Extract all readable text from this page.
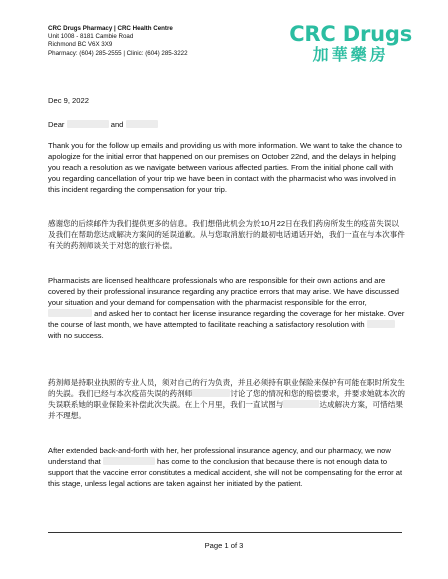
CRC Drugs Pharmacy | CRC Health Centre
Unit 1008 - 8181 Cambie Road
Richmond BC V6X 3X9
Pharmacy: (604) 285-2555 | Clinic: (604) 285-3222
CRC Drugs
加華藥房
Dec 9, 2022
Dear	and
Thank you for the follow up emails and providing us with more information. We want to take the chance to apologize for the initial error that happened on our premises on October 22nd, and the delays in helping you reach a resolution as we navigate between various affected parties. From the initial phone call with you regarding cancellation of your trip we have been in contact with the pharmacist who was involved in this incident regarding the compensation for your trip.
感谢您的后续邮件为我们提供更多的信息。我们想借此机会为於10月22日在我们药房所发生的疫苗失误以及我们在帮助您达成解决方案间的延误道歉。从与您取消旅行的最初电话通话开始，我们一直在与本次事件有关的药剂师谈关于对您的旅行补偿。
Pharmacists are licensed healthcare professionals who are responsible for their own actions and are covered by their professional insurance regarding any practice errors that may arise. We have discussed your situation and your demand for compensation with the pharmacist responsible for the error,  and asked her to contact her license insurance regarding the coverage for her mistake. Over the course of last month, we have attempted to facilitate reaching a satisfactory resolution with  with no success.
药剂师是持职业执照的专业人员，须对自己的行为负责，并且必须持有职业保险来保护有可能在职时所发生的失誤。我们已经与本次疫苗失误的药剂师	讨论了您的情况和您的赔偿要求，并要求她就本次的失误联系她的职业保险来补偿此次失誤。在上个月里，我们一直试图与	达成解决方案，可惜结果并不理想。
After extended back-and-forth with her, her professional insurance agency, and our pharmacy, we now understand that	has come to the conclusion that because there is not enough data to support that the vaccine error constitutes a medical accident, she will not be compensating for the error at this stage, unless legal actions are taken against her initiated by the patient.
Page 1 of 3
